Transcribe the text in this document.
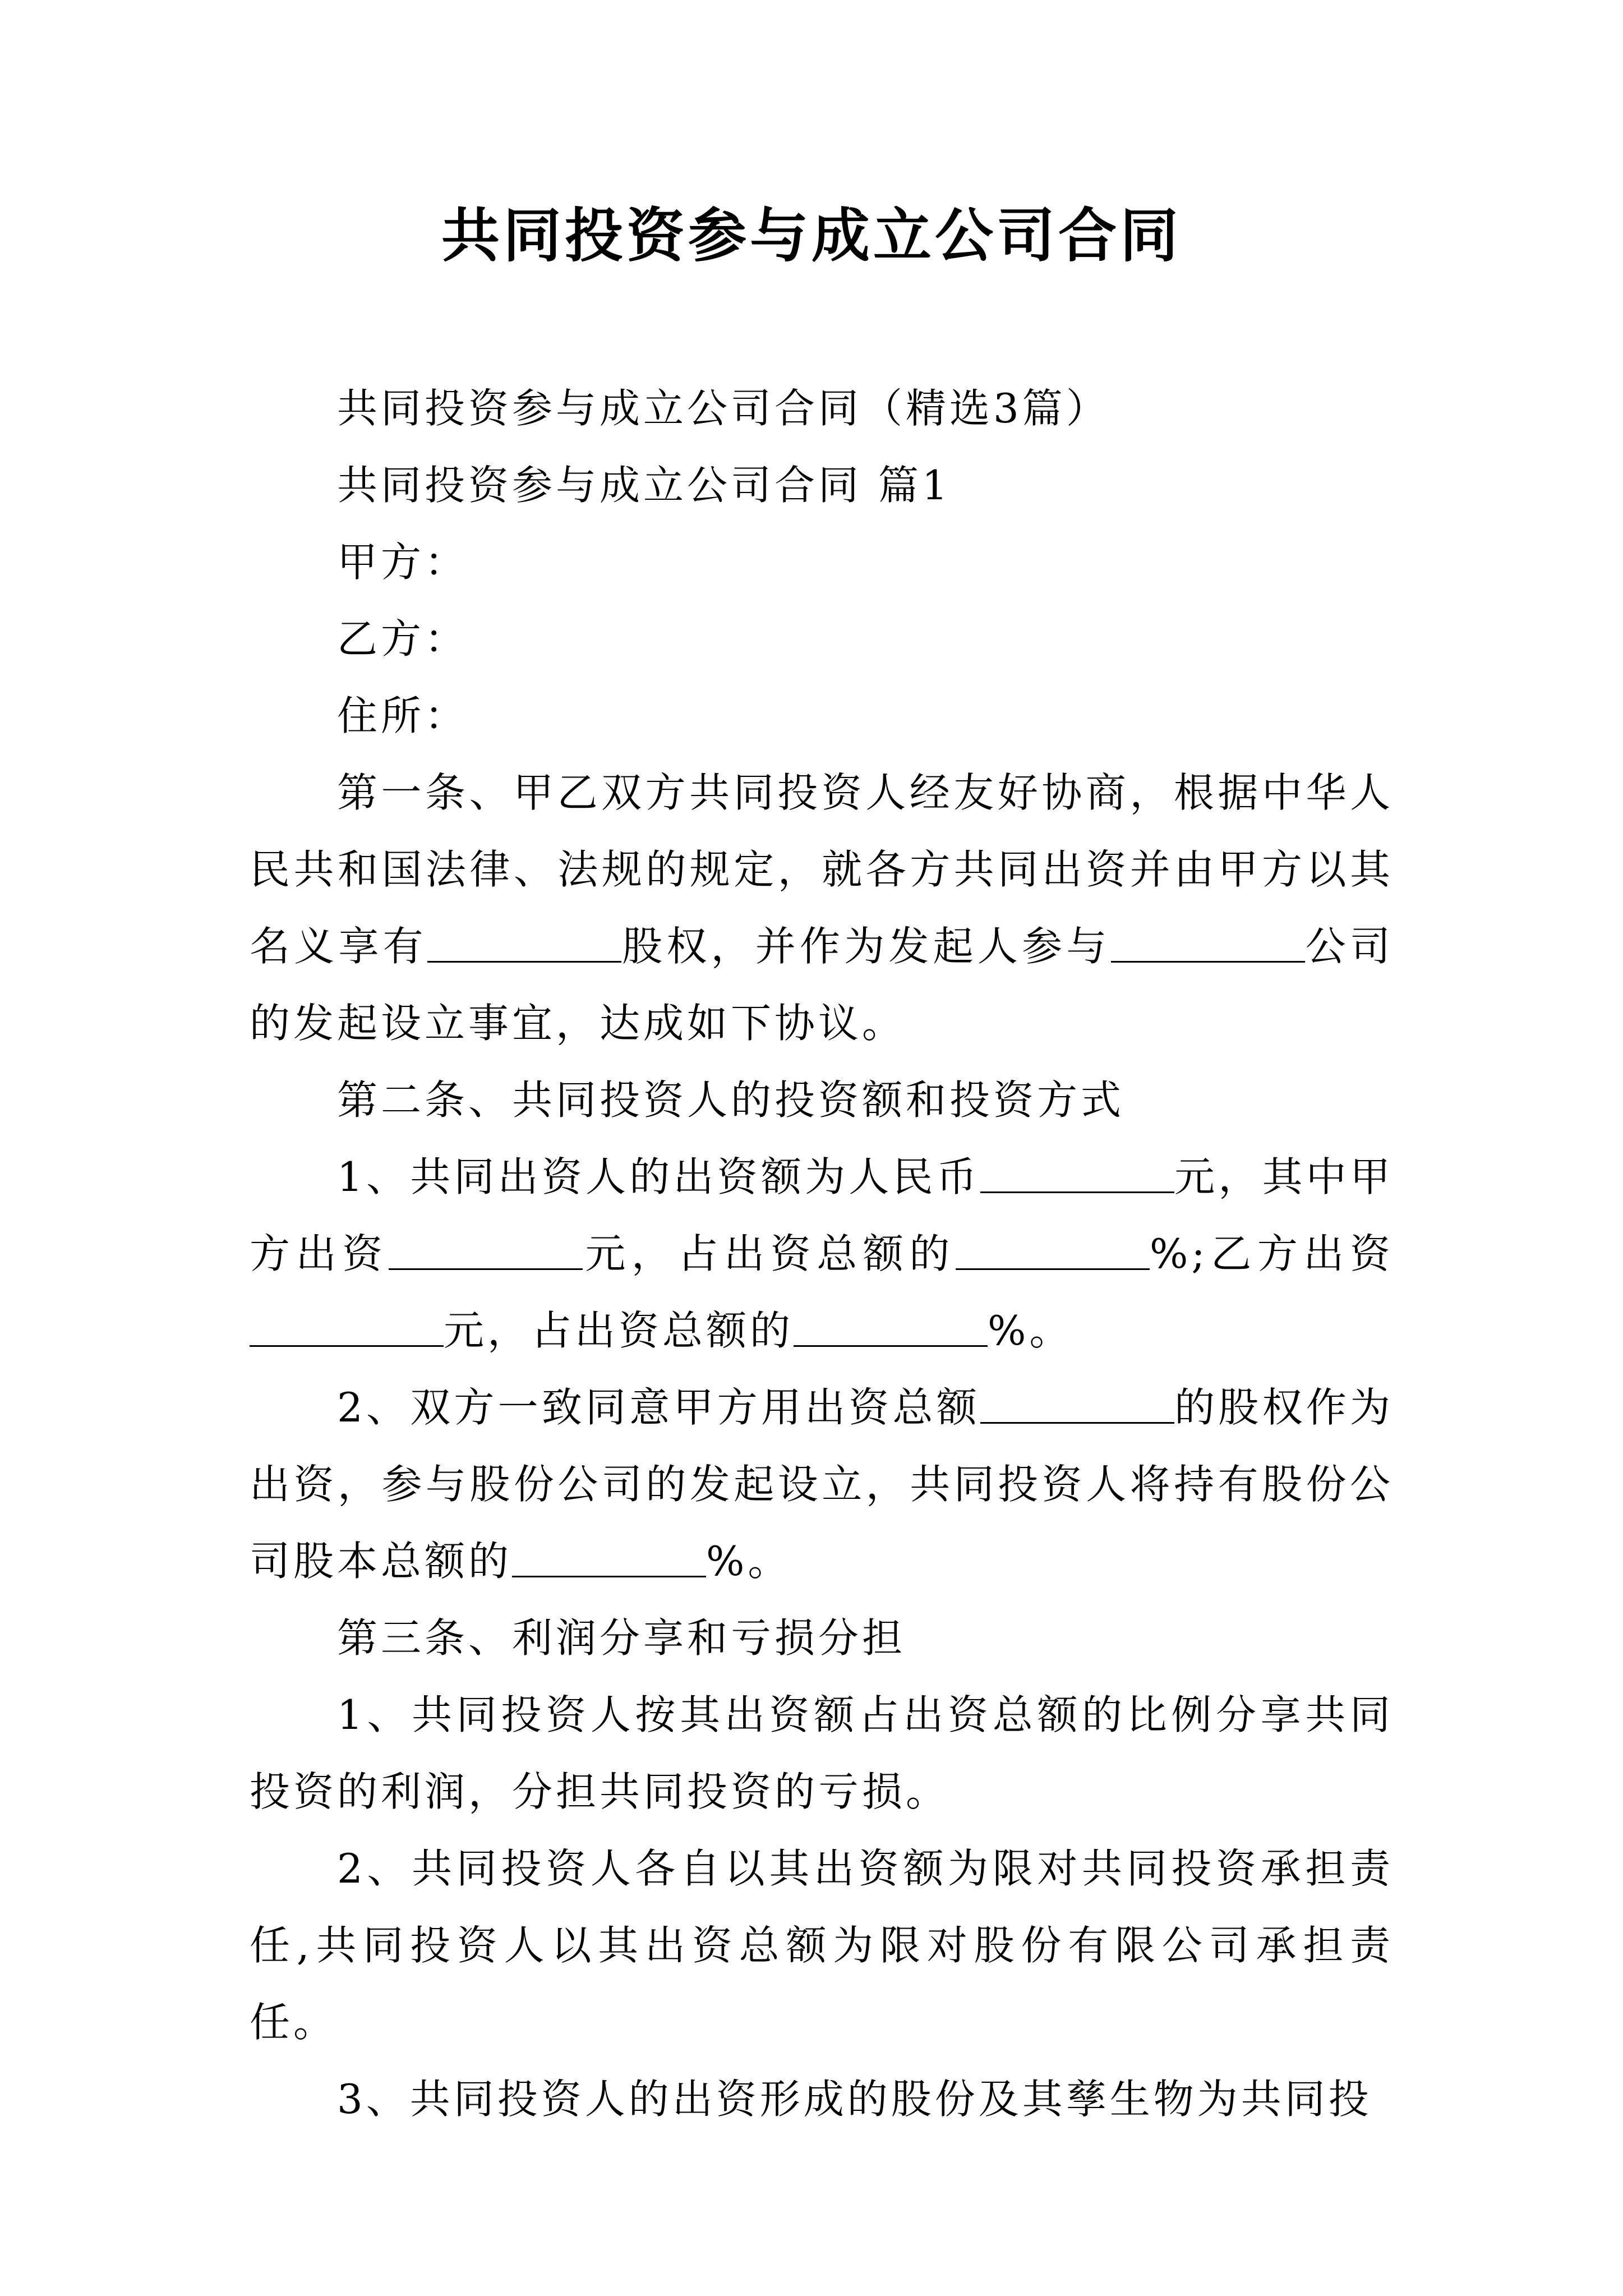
共同投资参与成立公司合同

共同投资参与成立公司合同（精选3篇）

共同投资参与成立公司合同 篇1

甲方：

乙方：

住所：

第一条、甲乙双方共同投资人经友好协商，根据中华人民共和国法律、法规的规定，就各方共同出资并由甲方以其名义享有	股权，并作为发起人参与	公司的发起设立事宜，达成如下协议。

第二条、共同投资人的投资额和投资方式

1、共同出资人的出资额为人民币	元，其中甲方出资	元，占出资总额的	%;乙方出资元，占出资总额的	%。

2、双方一致同意甲方用出资总额	的股权作为出资，参与股份公司的发起设立，共同投资人将持有股份公司股本总额的	%。

第三条、利润分享和亏损分担

1、共同投资人按其出资额占出资总额的比例分享共同投资的利润，分担共同投资的亏损。

2、共同投资人各自以其出资额为限对共同投资承担责任,共同投资人以其出资总额为限对股份有限公司承担责任。

3、共同投资人的出资形成的股份及其孳生物为共同投
